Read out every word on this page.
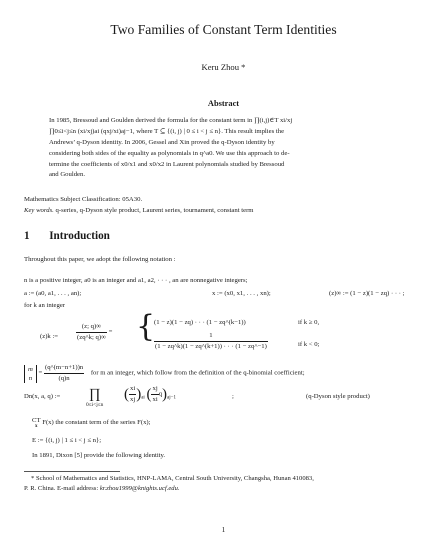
Two Families of Constant Term Identities
Keru Zhou *
Abstract
In 1985, Bressoud and Goulden derived the formula for the constant term in ∏(i,j)∈T xi/xj
∏0≤i<j≤n (xi/xj)ai (qxj/xi)aj−1, where T ⊆ {(i, j) | 0 ≤ i < j ≤ n}. This result implies the
Andrews’ q-Dyson identity. In 2006, Gessel and Xin proved the q-Dyson identity by
considering both sides of the equality as polynomials in q^a0. We use this approach to de-
termine the coefficients of x0/x1 and x0/x2 in Laurent polynomials studied by Bressoud
and Goulden.
Mathematics Subject Classification: 05A30.
Key words. q-series, q-Dyson style product, Laurent series, tournament, constant term
1 Introduction
Throughout this paper, we adopt the following notation :
n is a positive integer, a0 is an integer and a1, a2, · · · , an are nonnegative integers;
a := (a0, a1, . . . , an);	x := (x0, x1, . . . , xn);	(z)∞ := (1 − z)(1 − zq) · · · ;
for k an integer
(z)k :=	$\frac{(z; q)\infty}{(zq\^{}k; q)\infty}$ = {
(1 − z)(1 − zq) · · · (1 − zq^(k−1))	if k ≥ 0,
$\frac{1}{(1 - zq\^{}k)(1 - zq\^{}(k+1)) \cdot \cdot \cdot (1 - zq\^{}-1)}$	if k < 0;
m
n
= $\frac{(q\^{}(m-n+1))n}{(q)n}$ for m an integer, which follow from the definition of the q-binomial coefficient;
Dn(x, a, q) := ∏
0≤i<j≤n
( $\frac{xi}{xj} )_{ai}$ ( $\frac{xj}{xi} q)_{aj-1}$	;	(q-Dyson style product)
CT
x
F(x) the constant term of the series F(x);
E := {(i, j) | 1 ≤ i < j ≤ n};
In 1891, Dixon [5] provide the following identity.
* School of Mathematics and Statistics, HNP-LAMA, Central South University, Changsha, Hunan 410083,
P. R. China. E-mail address: kr.zhou1999@knights.ucf.edu.
1
